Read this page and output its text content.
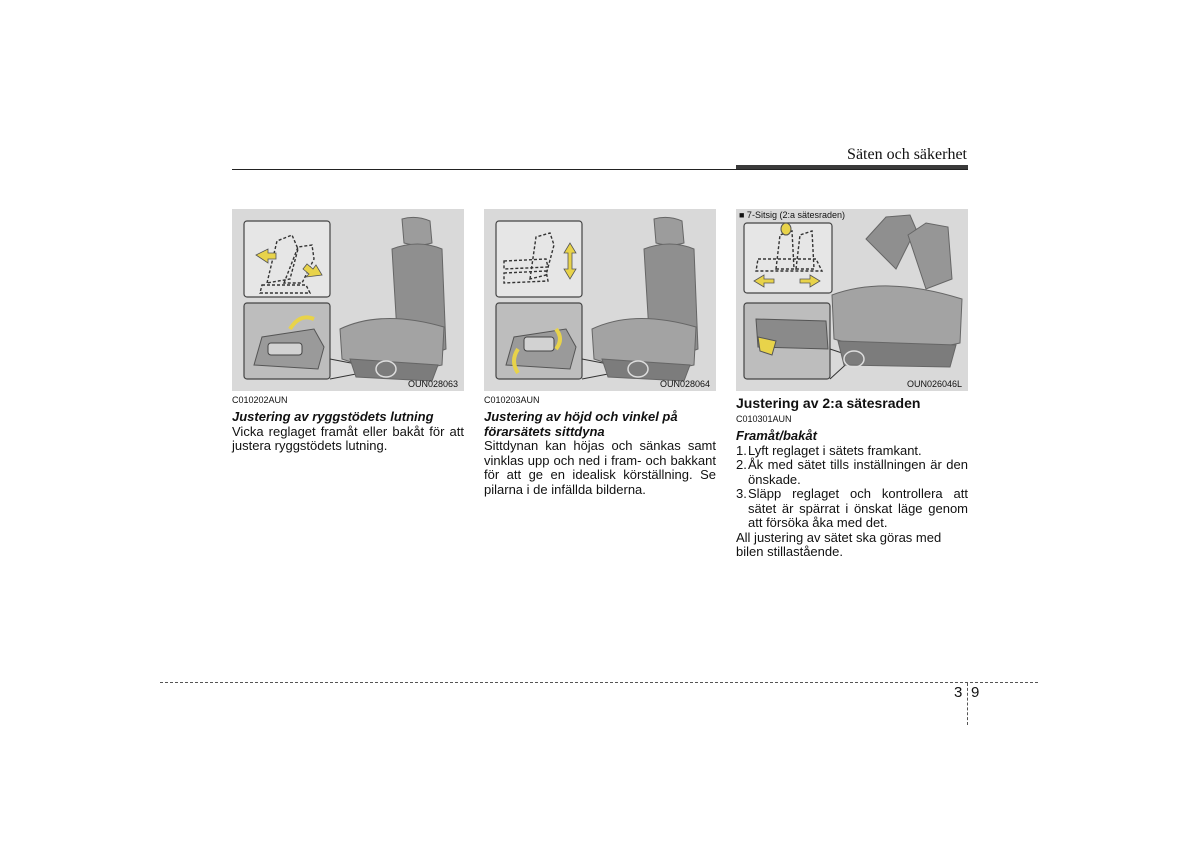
Säten och säkerhet
OUN028063	OUN028064
■ 7-Sitsig (2:a sätesraden)
OUN026046L

C010202AUN

Justering av ryggstödets lutning

Vicka reglaget framåt eller bakåt för att justera ryggstödets lutning.

C010203AUN

Justering av höjd och vinkel på förarsätets sittdyna

Sittdynan kan höjas och sänkas samt vinklas upp och ned i fram- och bakkant för att ge en idealisk körställning. Se pilarna i de infällda bilderna.

Justering av 2:a sätesraden

C010301AUN

Framåt/bakåt

1. Lyft reglaget i sätets framkant.
2. Åk med sätet tills inställningen är den önskade.
3. Släpp reglaget och kontrollera att sätet är spärrat i önskat läge genom att försöka åka med det.

All justering av sätet ska göras med bilen stillastående.

3 9
